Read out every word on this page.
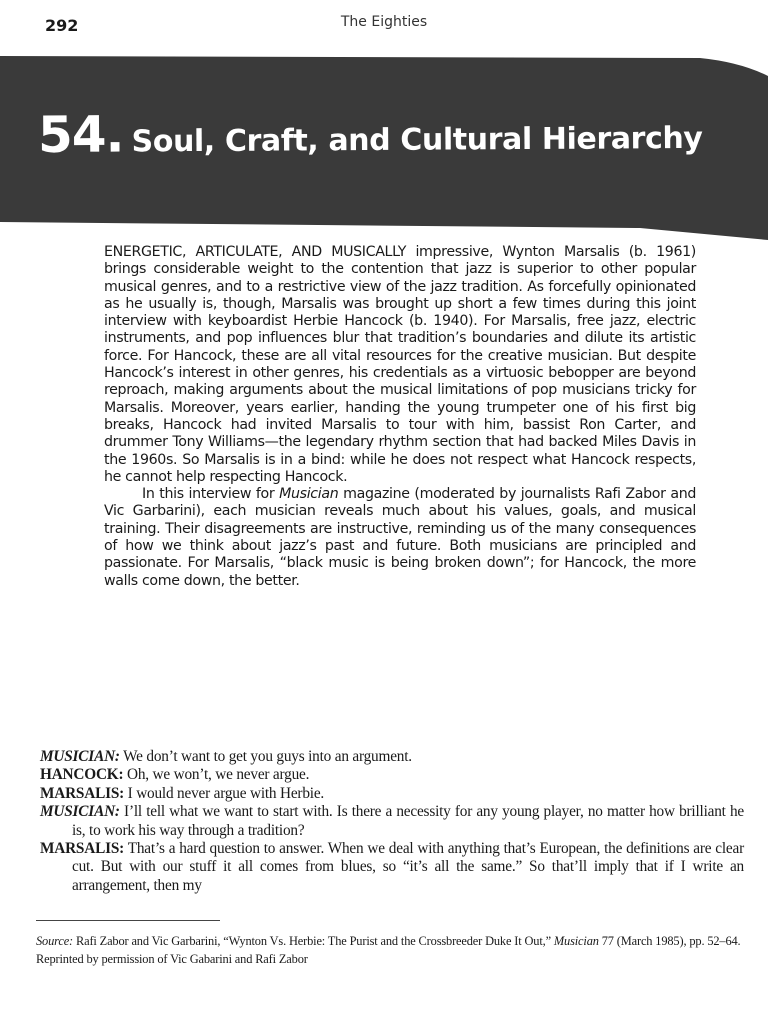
292	The Eighties
54. Soul, Craft, and Cultural Hierarchy

ENERGETIC, ARTICULATE, AND MUSICALLY impressive, Wynton Marsalis (b. 1961) brings considerable weight to the contention that jazz is superior to other popular musical genres, and to a restrictive view of the jazz tradition. As forcefully opinionated as he usually is, though, Marsalis was brought up short a few times during this joint interview with keyboardist Herbie Hancock (b. 1940). For Marsalis, free jazz, electric instruments, and pop influences blur that tradition’s boundaries and dilute its artistic force. For Hancock, these are all vital resources for the creative musician. But despite Hancock’s interest in other genres, his credentials as a virtuosic bebopper are beyond reproach, making arguments about the musical limitations of pop musicians tricky for Marsalis. Moreover, years earlier, handing the young trumpeter one of his first big breaks, Hancock had invited Marsalis to tour with him, bassist Ron Carter, and drummer Tony Williams—the legendary rhythm section that had backed Miles Davis in the 1960s. So Marsalis is in a bind: while he does not respect what Hancock respects, he cannot help respecting Hancock.

In this interview for Musician magazine (moderated by journalists Rafi Zabor and Vic Garbarini), each musician reveals much about his values, goals, and musical training. Their disagreements are instructive, reminding us of the many consequences of how we think about jazz’s past and future. Both musicians are principled and passionate. For Marsalis, “black music is being broken down”; for Hancock, the more walls come down, the better.

MUSICIAN: We don’t want to get you guys into an argument.
HANCOCK: Oh, we won’t, we never argue.
MARSALIS: I would never argue with Herbie.
MUSICIAN: I’ll tell what we want to start with. Is there a necessity for any young player, no matter how brilliant he is, to work his way through a tradition?
MARSALIS: That’s a hard question to answer. When we deal with anything that’s European, the definitions are clear cut. But with our stuff it all comes from blues, so “it’s all the same.” So that’ll imply that if I write an arrangement, then my
Source: Rafi Zabor and Vic Garbarini, “Wynton Vs. Herbie: The Purist and the Crossbreeder Duke It Out,” Musician 77 (March 1985), pp. 52–64. Reprinted by permission of Vic Gabarini and Rafi Zabor
